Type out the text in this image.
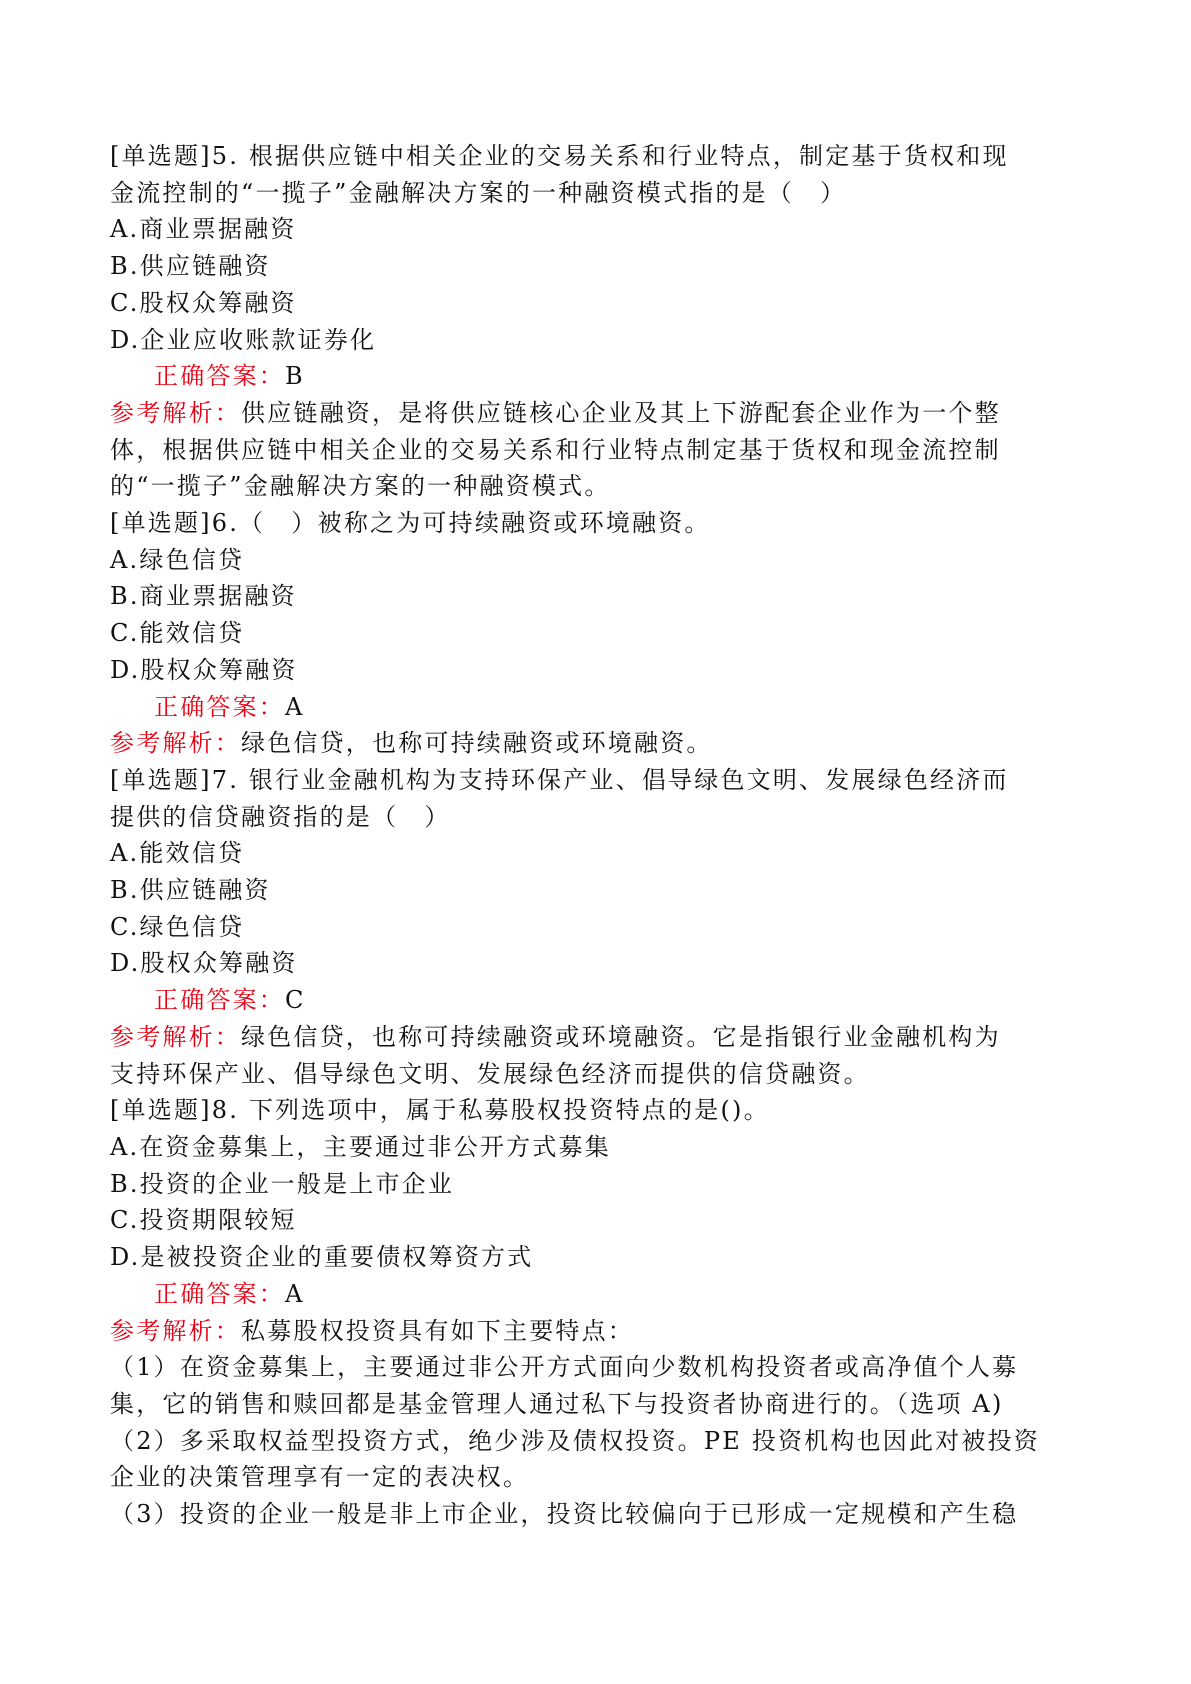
[单选题]5. 根据供应链中相关企业的交易关系和行业特点，制定基于货权和现
金流控制的“一揽子”金融解决方案的一种融资模式指的是（　）
A.商业票据融资
B.供应链融资
C.股权众筹融资
D.企业应收账款证券化
正确答案：B
参考解析：供应链融资，是将供应链核心企业及其上下游配套企业作为一个整
体，根据供应链中相关企业的交易关系和行业特点制定基于货权和现金流控制
的“一揽子”金融解决方案的一种融资模式。
[单选题]6.（　）被称之为可持续融资或环境融资。
A.绿色信贷
B.商业票据融资
C.能效信贷
D.股权众筹融资
正确答案：A
参考解析：绿色信贷，也称可持续融资或环境融资。
[单选题]7. 银行业金融机构为支持环保产业、倡导绿色文明、发展绿色经济而
提供的信贷融资指的是（　）
A.能效信贷
B.供应链融资
C.绿色信贷
D.股权众筹融资
正确答案：C
参考解析：绿色信贷，也称可持续融资或环境融资。它是指银行业金融机构为
支持环保产业、倡导绿色文明、发展绿色经济而提供的信贷融资。
[单选题]8. 下列选项中，属于私募股权投资特点的是()。
A.在资金募集上，主要通过非公开方式募集
B.投资的企业一般是上市企业
C.投资期限较短
D.是被投资企业的重要债权筹资方式
正确答案：A
参考解析：私募股权投资具有如下主要特点：
（1）在资金募集上，主要通过非公开方式面向少数机构投资者或高净值个人募
集，它的销售和赎回都是基金管理人通过私下与投资者协商进行的。（选项 A)
（2）多采取权益型投资方式，绝少涉及债权投资。PE 投资机构也因此对被投资
企业的决策管理享有一定的表决权。
（3）投资的企业一般是非上市企业，投资比较偏向于已形成一定规模和产生稳
